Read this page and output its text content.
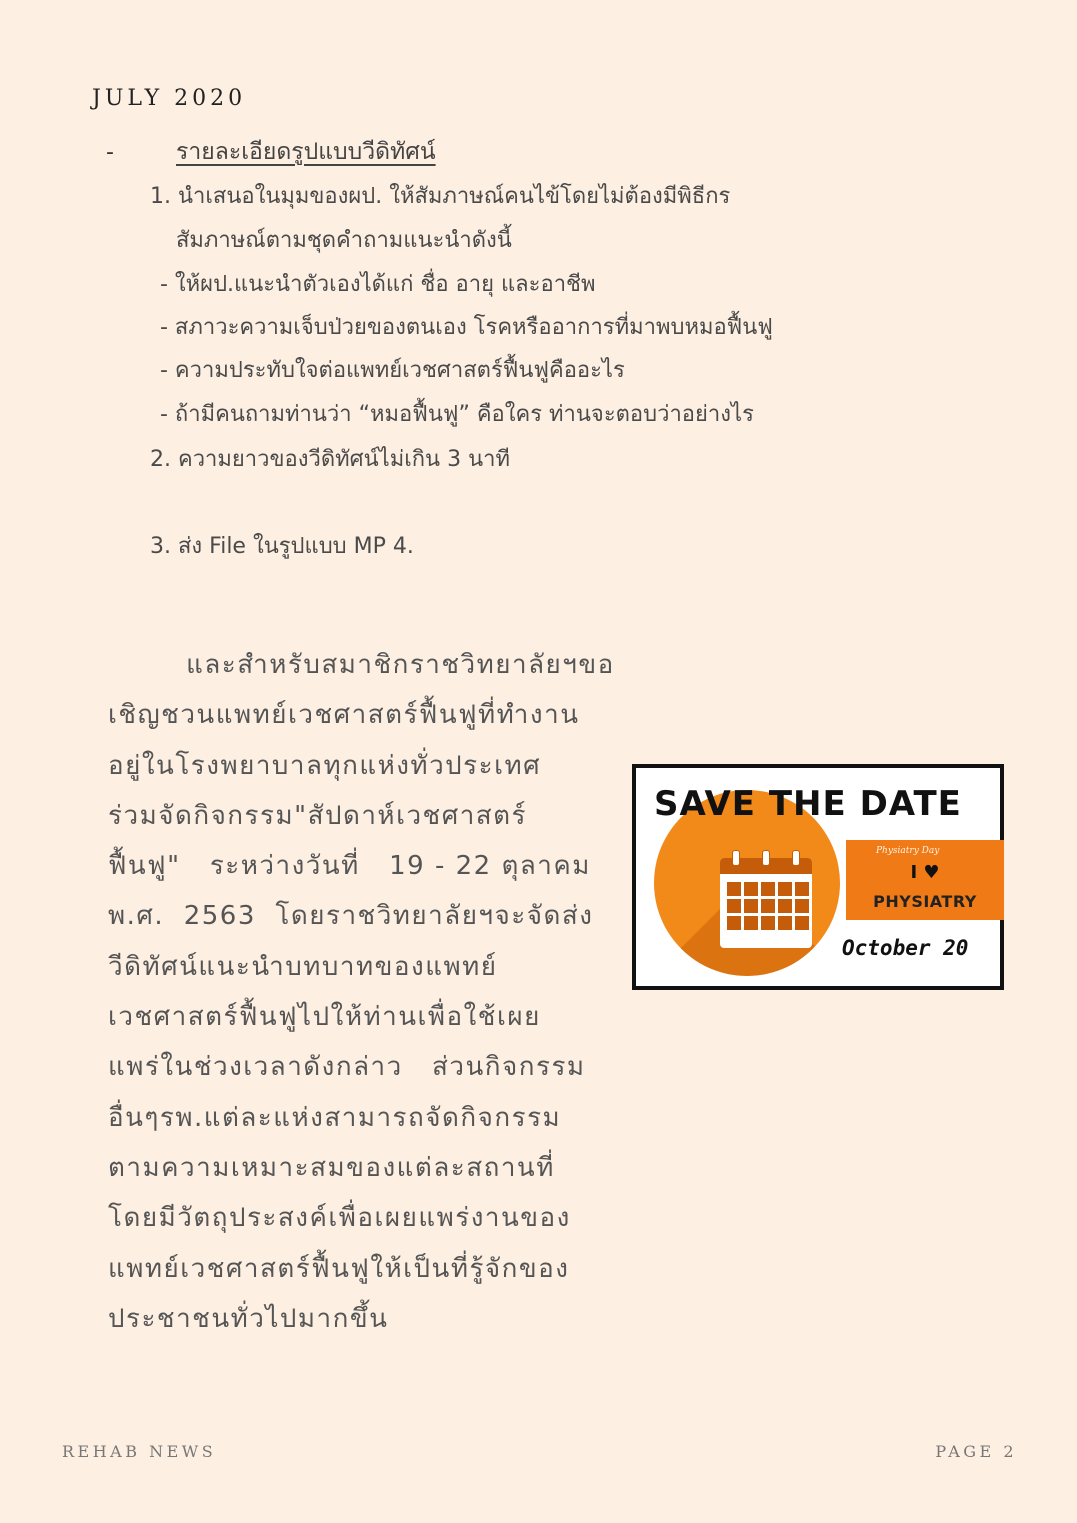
JULY 2020
-	รายละเอียดรูปแบบวีดิทัศน์
1. นำเสนอในมุมของผป. ให้สัมภาษณ์คนไข้โดยไม่ต้องมีพิธีกร
สัมภาษณ์ตามชุดคำถามแนะนำดังนี้
- ให้ผป.แนะนำตัวเองได้แก่ ชื่อ อายุ และอาชีพ
- สภาวะความเจ็บป่วยของตนเอง โรคหรืออาการที่มาพบหมอฟื้นฟู
- ความประทับใจต่อแพทย์เวชศาสตร์ฟื้นฟูคืออะไร
- ถ้ามีคนถามท่านว่า “หมอฟื้นฟู” คือใคร ท่านจะตอบว่าอย่างไร
2. ความยาวของวีดิทัศน์ไม่เกิน 3 นาที
3. ส่ง File ในรูปแบบ MP 4.
และสำหรับสมาชิกราชวิทยาลัยฯขอ
เชิญชวนแพทย์เวชศาสตร์ฟื้นฟูที่ทำงาน
อยู่ในโรงพยาบาลทุกแห่งทั่วประเทศ
ร่วมจัดกิจกรรม"สัปดาห์เวชศาสตร์
ฟื้นฟู"   ระหว่างวันที่   19 - 22 ตุลาคม
พ.ศ.  2563  โดยราชวิทยาลัยฯจะจัดส่ง
วีดิทัศน์แนะนำบทบาทของแพทย์
เวชศาสตร์ฟื้นฟูไปให้ท่านเพื่อใช้เผย
แพร่ในช่วงเวลาดังกล่าว   ส่วนกิจกรรม
อื่นๆรพ.แต่ละแห่งสามารถจัดกิจกรรม
ตามความเหมาะสมของแต่ละสถานที่
โดยมีวัตถุประสงค์เพื่อเผยแพร่งานของ
แพทย์เวชศาสตร์ฟื้นฟูให้เป็นที่รู้จักของ
ประชาชนทั่วไปมากขึ้น
SAVE THE DATE
Physiatry Day
I ♥
PHYSIATRY
October 20
REHAB NEWS	PAGE 2
